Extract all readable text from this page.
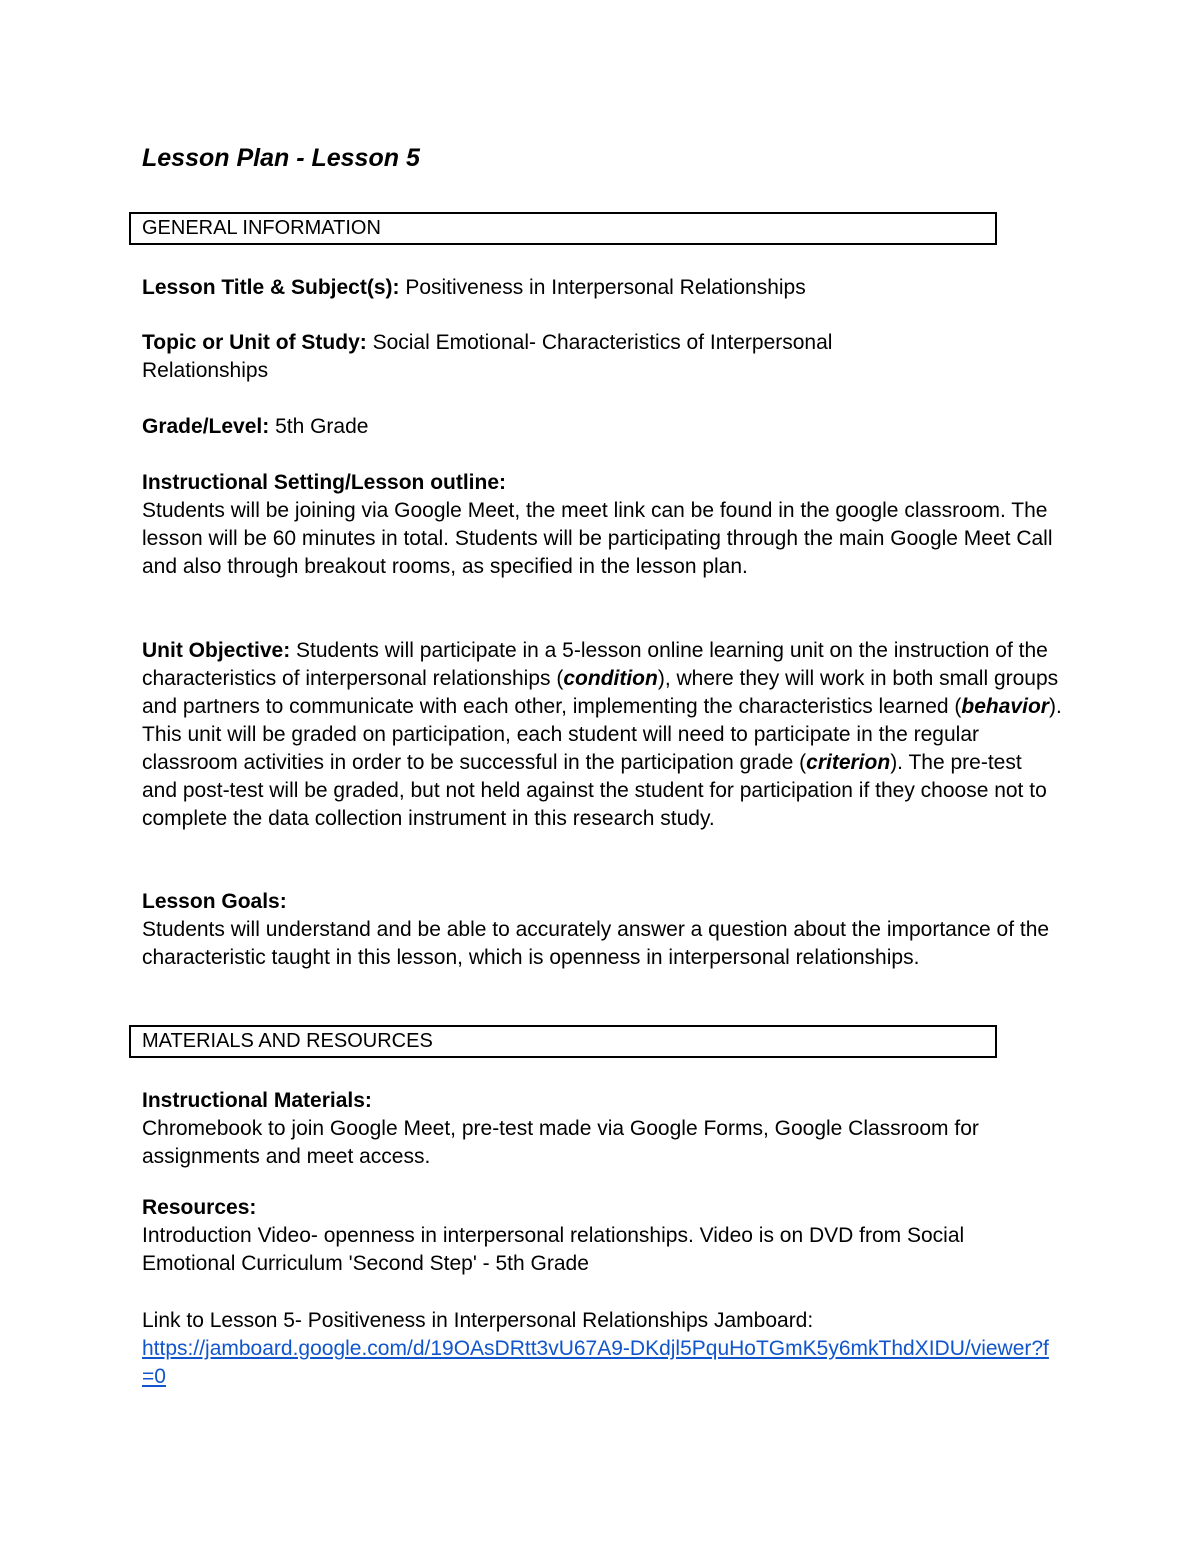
Lesson Plan - Lesson 5
GENERAL INFORMATION

Lesson Title & Subject(s): Positiveness in Interpersonal Relationships

Topic or Unit of Study: Social Emotional- Characteristics of Interpersonal Relationships

Grade/Level: 5th Grade

Instructional Setting/Lesson outline:

Students will be joining via Google Meet, the meet link can be found in the google classroom. The lesson will be 60 minutes in total. Students will be participating through the main Google Meet Call and also through breakout rooms, as specified in the lesson plan.

Unit Objective: Students will participate in a 5-lesson online learning unit on the instruction of the characteristics of interpersonal relationships (condition), where they will work in both small groups and partners to communicate with each other, implementing the characteristics learned (behavior). This unit will be graded on participation, each student will need to participate in the regular classroom activities in order to be successful in the participation grade (criterion). The pre-test and post-test will be graded, but not held against the student for participation if they choose not to complete the data collection instrument in this research study.

Lesson Goals:

Students will understand and be able to accurately answer a question about the importance of the characteristic taught in this lesson, which is openness in interpersonal relationships.

MATERIALS AND RESOURCES

Instructional Materials:

Chromebook to join Google Meet, pre-test made via Google Forms, Google Classroom for assignments and meet access.

Resources:

Introduction Video- openness in interpersonal relationships. Video is on DVD from Social Emotional Curriculum 'Second Step' - 5th Grade

Link to Lesson 5- Positiveness in Interpersonal Relationships Jamboard:

https://jamboard.google.com/d/19OAsDRtt3vU67A9-DKdjl5PquHoTGmK5y6mkThdXIDU/viewer?f=0
